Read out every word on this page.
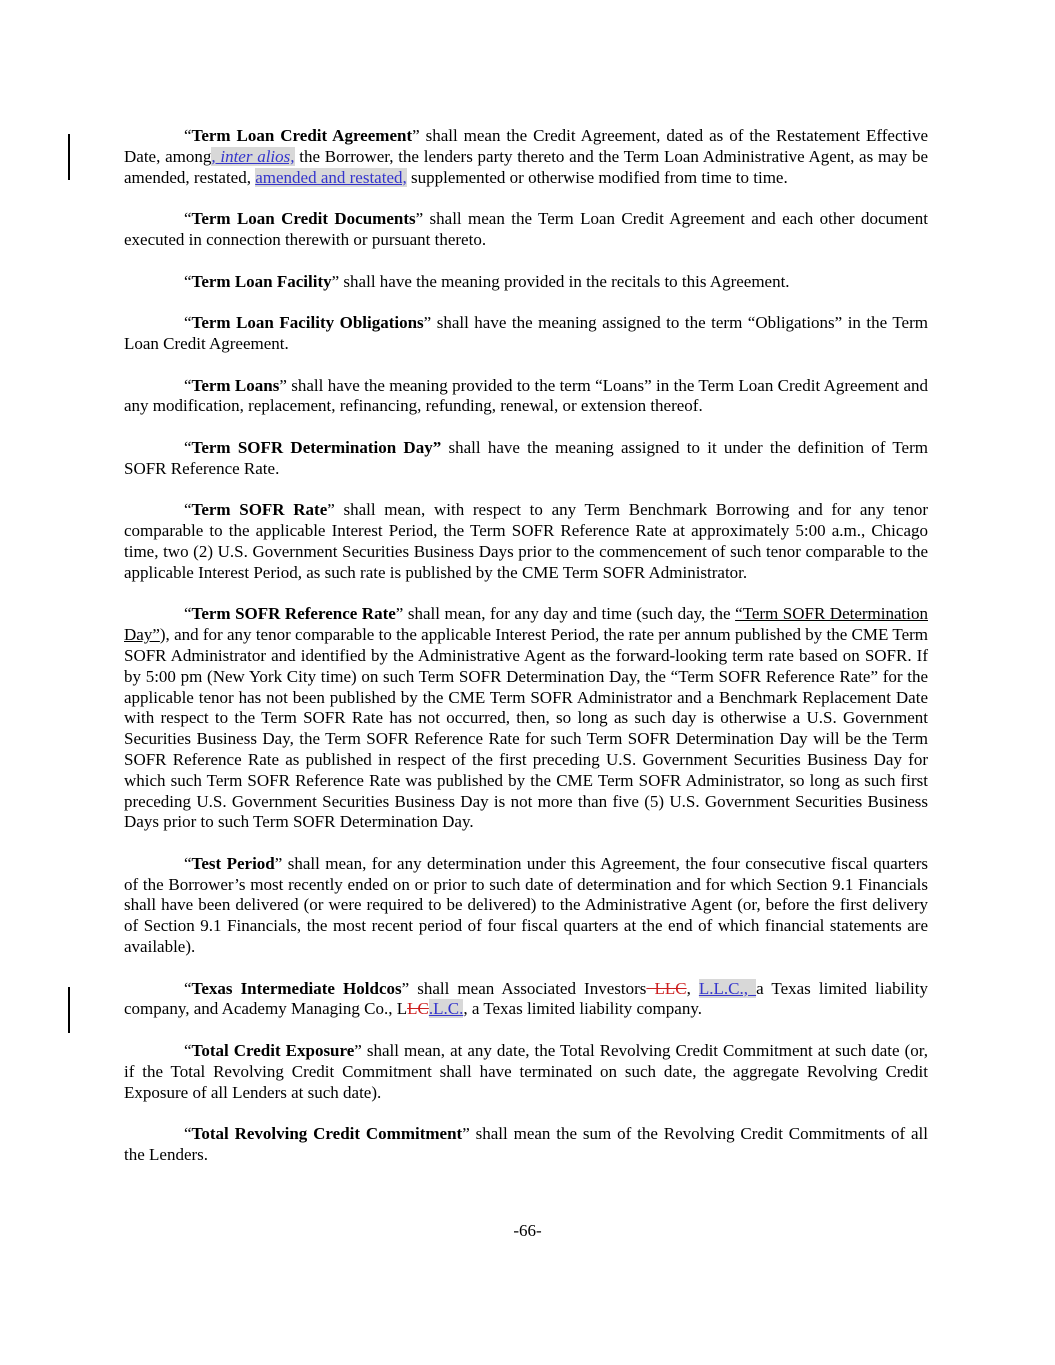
“Term Loan Credit Agreement” shall mean the Credit Agreement, dated as of the Restatement Effective Date, among, inter alios, the Borrower, the lenders party thereto and the Term Loan Administrative Agent, as may be amended, restated, amended and restated, supplemented or otherwise modified from time to time.

“Term Loan Credit Documents” shall mean the Term Loan Credit Agreement and each other document executed in connection therewith or pursuant thereto.

“Term Loan Facility” shall have the meaning provided in the recitals to this Agreement.

“Term Loan Facility Obligations” shall have the meaning assigned to the term “Obligations” in the Term Loan Credit Agreement.

“Term Loans” shall have the meaning provided to the term “Loans” in the Term Loan Credit Agreement and any modification, replacement, refinancing, refunding, renewal, or extension thereof.

“Term SOFR Determination Day” shall have the meaning assigned to it under the definition of Term SOFR Reference Rate.

“Term SOFR Rate” shall mean, with respect to any Term Benchmark Borrowing and for any tenor comparable to the applicable Interest Period, the Term SOFR Reference Rate at approximately 5:00 a.m., Chicago time, two (2) U.S. Government Securities Business Days prior to the commencement of such tenor comparable to the applicable Interest Period, as such rate is published by the CME Term SOFR Administrator.

“Term SOFR Reference Rate” shall mean, for any day and time (such day, the “Term SOFR Determination Day”), and for any tenor comparable to the applicable Interest Period, the rate per annum published by the CME Term SOFR Administrator and identified by the Administrative Agent as the forward-looking term rate based on SOFR. If by 5:00 pm (New York City time) on such Term SOFR Determination Day, the “Term SOFR Reference Rate” for the applicable tenor has not been published by the CME Term SOFR Administrator and a Benchmark Replacement Date with respect to the Term SOFR Rate has not occurred, then, so long as such day is otherwise a U.S. Government Securities Business Day, the Term SOFR Reference Rate for such Term SOFR Determination Day will be the Term SOFR Reference Rate as published in respect of the first preceding U.S. Government Securities Business Day for which such Term SOFR Reference Rate was published by the CME Term SOFR Administrator, so long as such first preceding U.S. Government Securities Business Day is not more than five (5) U.S. Government Securities Business Days prior to such Term SOFR Determination Day.

“Test Period” shall mean, for any determination under this Agreement, the four consecutive fiscal quarters of the Borrower’s most recently ended on or prior to such date of determination and for which Section 9.1 Financials shall have been delivered (or were required to be delivered) to the Administrative Agent (or, before the first delivery of Section 9.1 Financials, the most recent period of four fiscal quarters at the end of which financial statements are available).

“Texas Intermediate Holdcos” shall mean Associated Investors LLC, L.L.C., a Texas limited liability company, and Academy Managing Co., LLC.L.C., a Texas limited liability company.

“Total Credit Exposure” shall mean, at any date, the Total Revolving Credit Commitment at such date (or, if the Total Revolving Credit Commitment shall have terminated on such date, the aggregate Revolving Credit Exposure of all Lenders at such date).

“Total Revolving Credit Commitment” shall mean the sum of the Revolving Credit Commitments of all the Lenders.

-66-
